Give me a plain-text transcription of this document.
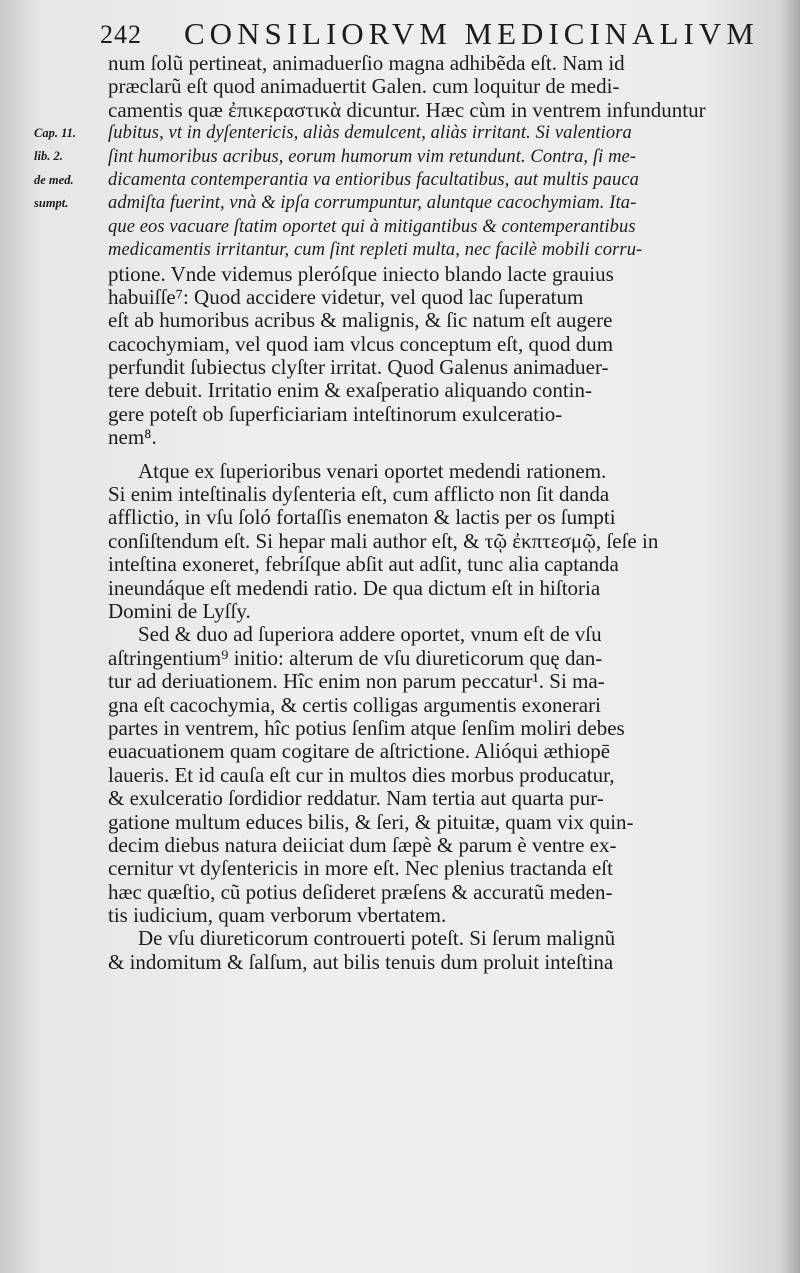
242 CONSILIORVM MEDICINALIVM
Cap. 11.
lib. 2.
de med.
sumpt.
num ſolũ pertineat, animaduerſio magna adhibẽda eſt. Nam id
præclarũ eſt quod animaduertit Galen. cum loquitur de medi-
camentis quæ ἐπικεραστικὰ dicuntur. Hæc cùm in ventrem infunduntur
ſubitus, vt in dyſentericis, aliàs demulcent, aliàs irritant. Si valentiora
ſint humoribus acribus, eorum humorum vim retundunt. Contra, ſi me-
dicamenta contemperantia va entioribus facultatibus, aut multis pauca
admiſta fuerint, vnà & ipſa corrumpuntur, aluntque cacochymiam. Ita-
que eos vacuare ſtatim oportet qui à mitigantibus & contemperantibus
medicamentis irritantur, cum ſint repleti multa, nec facilè mobili corru-
ptione. Vnde videmus pleróſque iniecto blando lacte grauius
habuiſſe⁷: Quod accidere videtur, vel quod lac ſuperatum
eſt ab humoribus acribus & malignis, & ſic natum eſt augere
cacochymiam, vel quod iam vlcus conceptum eſt, quod dum
perfundit ſubiectus clyſter irritat. Quod Galenus animaduer-
tere debuit. Irritatio enim & exaſperatio aliquando contin-
gere poteſt ob ſuperficiariam inteſtinorum exulceratio-
nem⁸.
Atque ex ſuperioribus venari oportet medendi rationem.
Si enim inteſtinalis dyſenteria eſt, cum afflicto non ſit danda
afflictio, in vſu ſoló fortaſſis enematon & lactis per os ſumpti
conſiſtendum eſt. Si hepar mali author eſt, & τῷ ἐκπτεσμῷ, ſeſe in
inteſtina exoneret, febríſque abſit aut adſit, tunc alia captanda
ineundáque eſt medendi ratio. De qua dictum eſt in hiſtoria
Domini de Lyſſy.
Sed & duo ad ſuperiora addere oportet, vnum eſt de vſu
aſtringentium⁹ initio: alterum de vſu diureticorum quę dan-
tur ad deriuationem. Hîc enim non parum peccatur¹. Si ma-
gna eſt cacochymia, & certis colligas argumentis exonerari
partes in ventrem, hîc potius ſenſim atque ſenſim moliri debes
euacuationem quam cogitare de aſtrictione. Alióqui æthiopē
laueris. Et id cauſa eſt cur in multos dies morbus producatur,
& exulceratio ſordidior reddatur. Nam tertia aut quarta pur-
gatione multum educes bilis, & ſeri, & pituitæ, quam vix quin-
decim diebus natura deiiciat dum ſæpè & parum è ventre ex-
cernitur vt dyſentericis in more eſt. Nec plenius tractanda eſt
hæc quæſtio, cũ potius deſideret præſens & accuratũ meden-
tis iudicium, quam verborum vbertatem.
De vſu diureticorum controuerti poteſt. Si ſerum malignũ
& indomitum & ſalſum, aut bilis tenuis dum proluit inteſtina
